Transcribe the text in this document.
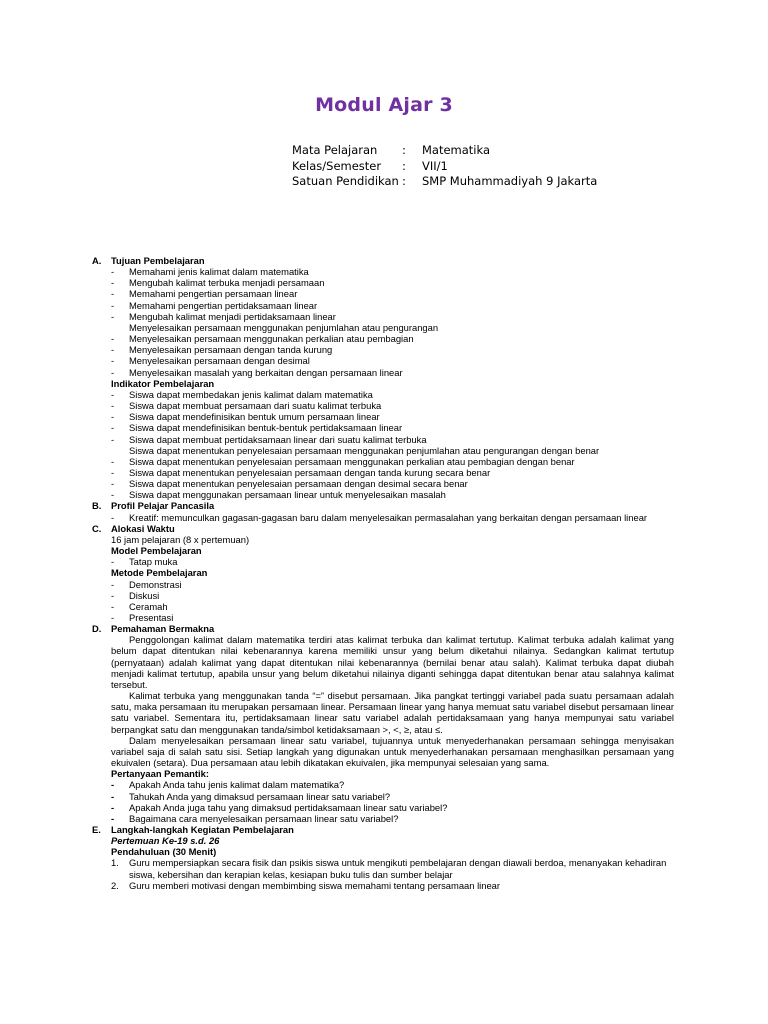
Modul Ajar 3
Mata Pelajaran	:	Matematika
Kelas/Semester	:	VII/1
Satuan Pendidikan :	SMP Muhammadiyah 9 Jakarta
A.	Tujuan Pembelajaran
-	Memahami jenis kalimat dalam matematika
-	Mengubah kalimat terbuka menjadi persamaan
-	Memahami pengertian persamaan linear
-	Memahami pengertian pertidaksamaan linear
-	Mengubah kalimat menjadi pertidaksamaan linear
Menyelesaikan persamaan menggunakan penjumlahan atau pengurangan
-	Menyelesaikan persamaan menggunakan perkalian atau pembagian
-	Menyelesaikan persamaan dengan tanda kurung
-	Menyelesaikan persamaan dengan desimal
-	Menyelesaikan masalah yang berkaitan dengan persamaan linear
Indikator Pembelajaran
-	Siswa dapat membedakan jenis kalimat dalam matematika
-	Siswa dapat membuat persamaan dari suatu kalimat terbuka
-	Siswa dapat mendefinisikan bentuk umum persamaan linear
-	Siswa dapat mendefinisikan bentuk-bentuk pertidaksamaan linear
-	Siswa dapat membuat pertidaksamaan linear dari suatu kalimat terbuka
Siswa dapat menentukan penyelesaian persamaan menggunakan penjumlahan atau pengurangan dengan benar
-	Siswa dapat menentukan penyelesaian persamaan menggunakan perkalian atau pembagian dengan benar
-	Siswa dapat menentukan penyelesaian persamaan dengan tanda kurung secara benar
-	Siswa dapat menentukan penyelesaian persamaan dengan desimal secara benar
-	Siswa dapat menggunakan persamaan linear untuk menyelesaikan masalah
B.	Profil Pelajar Pancasila
-	Kreatif: memunculkan gagasan-gagasan baru dalam menyelesaikan permasalahan yang berkaitan dengan persamaan linear
C.	Alokasi Waktu
16 jam pelajaran (8 x pertemuan)
Model Pembelajaran
-	Tatap muka
Metode Pembelajaran
-	Demonstrasi
-	Diskusi
-	Ceramah
-	Presentasi
D.	Pemahaman Bermakna
Penggolongan kalimat dalam matematika terdiri atas kalimat terbuka dan kalimat tertutup. Kalimat terbuka adalah kalimat yang belum dapat ditentukan nilai kebenarannya karena memiliki unsur yang belum diketahui nilainya. Sedangkan kalimat tertutup (pernyataan) adalah kalimat yang dapat ditentukan nilai kebenarannya (bernilai benar atau salah). Kalimat terbuka dapat diubah menjadi kalimat tertutup, apabila unsur yang belum diketahui nilainya diganti sehingga dapat ditentukan benar atau salahnya kalimat tersebut.
Kalimat terbuka yang menggunakan tanda “=” disebut persamaan. Jika pangkat tertinggi variabel pada suatu persamaan adalah satu, maka persamaan itu merupakan persamaan linear. Persamaan linear yang hanya memuat satu variabel disebut persamaan linear satu variabel. Sementara itu, pertidaksamaan linear satu variabel adalah pertidaksamaan yang hanya mempunyai satu variabel berpangkat satu dan menggunakan tanda/simbol ketidaksamaan >, <, ≥, atau ≤.
Dalam menyelesaikan persamaan linear satu variabel, tujuannya untuk menyederhanakan persamaan sehingga menyisakan variabel saja di salah satu sisi. Setiap langkah yang digunakan untuk menyederhanakan persamaan menghasilkan persamaan yang ekuivalen (setara). Dua persamaan atau lebih dikatakan ekuivalen, jika mempunyai selesaian yang sama.
Pertanyaan Pemantik:
-	Apakah Anda tahu jenis kalimat dalam matematika?
-	Tahukah Anda yang dimaksud persamaan linear satu variabel?
-	Apakah Anda juga tahu yang dimaksud pertidaksamaan linear satu variabel?
-	Bagaimana cara menyelesaikan persamaan linear satu variabel?
E.	Langkah-langkah Kegiatan Pembelajaran
Pertemuan Ke-19 s.d. 26
Pendahuluan (30 Menit)
1.	Guru mempersiapkan secara fisik dan psikis siswa untuk mengikuti pembelajaran dengan diawali berdoa, menanyakan kehadiran siswa, kebersihan dan kerapian kelas, kesiapan buku tulis dan sumber belajar
2.	Guru memberi motivasi dengan membimbing siswa memahami tentang persamaan linear
